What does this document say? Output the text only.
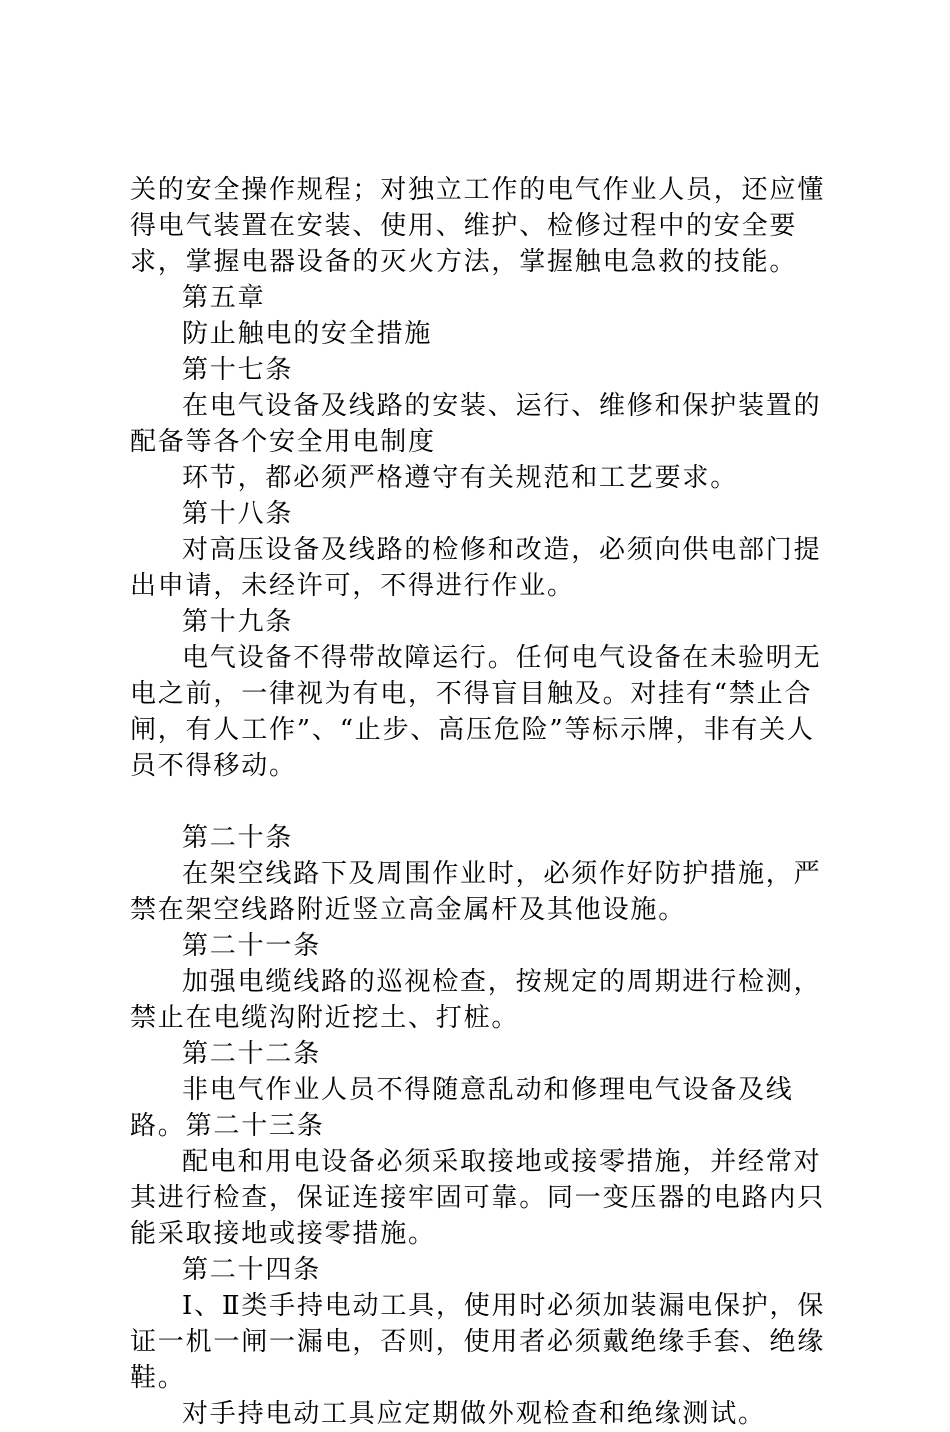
关的安全操作规程；对独立工作的电气作业人员，还应懂得电气装置在安装、使用、维护、检修过程中的安全要求，掌握电器设备的灭火方法，掌握触电急救的技能。

第五章

防止触电的安全措施

第十七条

在电气设备及线路的安装、运行、维修和保护装置的配备等各个安全用电制度

环节，都必须严格遵守有关规范和工艺要求。

第十八条

对高压设备及线路的检修和改造，必须向供电部门提出申请，未经许可，不得进行作业。

第十九条

电气设备不得带故障运行。任何电气设备在未验明无电之前，一律视为有电，不得盲目触及。对挂有“禁止合闸，有人工作”、“止步、高压危险”等标示牌，非有关人员不得移动。

第二十条

在架空线路下及周围作业时，必须作好防护措施，严禁在架空线路附近竖立高金属杆及其他设施。

第二十一条

加强电缆线路的巡视检查，按规定的周期进行检测，禁止在电缆沟附近挖土、打桩。

第二十二条

非电气作业人员不得随意乱动和修理电气设备及线路。第二十三条

配电和用电设备必须采取接地或接零措施，并经常对其进行检查，保证连接牢固可靠。同一变压器的电路内只能采取接地或接零措施。

第二十四条

Ⅰ、Ⅱ类手持电动工具，使用时必须加装漏电保护，保证一机一闸一漏电，否则，使用者必须戴绝缘手套、绝缘鞋。

对手持电动工具应定期做外观检查和绝缘测试。
